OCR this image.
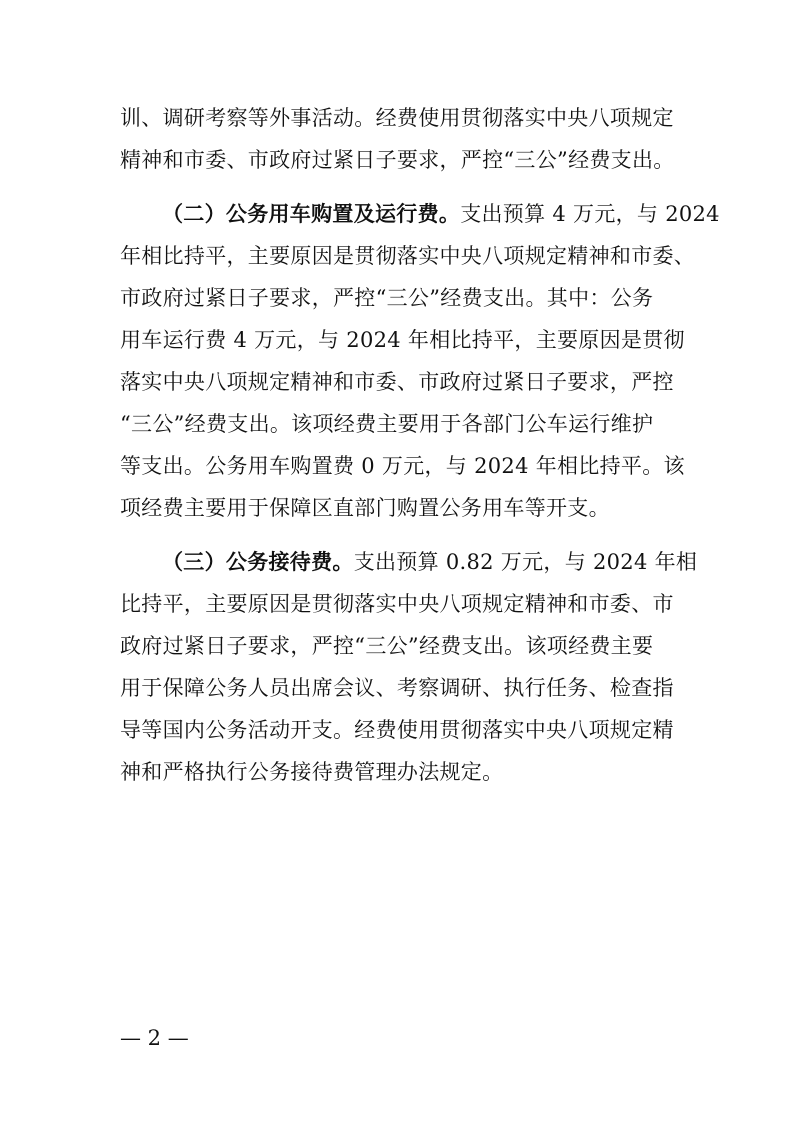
训、调研考察等外事活动。经费使用贯彻落实中央八项规定
精神和市委、市政府过紧日子要求，严控“三公”经费支出。
（二）公务用车购置及运行费。支出预算 4 万元，与 2024
年相比持平，主要原因是贯彻落实中央八项规定精神和市委、
市政府过紧日子要求，严控“三公”经费支出。其中：公务
用车运行费 4 万元，与 2024 年相比持平，主要原因是贯彻
落实中央八项规定精神和市委、市政府过紧日子要求，严控
“三公”经费支出。该项经费主要用于各部门公车运行维护
等支出。公务用车购置费 0 万元，与 2024 年相比持平。该
项经费主要用于保障区直部门购置公务用车等开支。
（三）公务接待费。支出预算 0.82 万元，与 2024 年相
比持平，主要原因是贯彻落实中央八项规定精神和市委、市
政府过紧日子要求，严控“三公”经费支出。该项经费主要
用于保障公务人员出席会议、考察调研、执行任务、检查指
导等国内公务活动开支。经费使用贯彻落实中央八项规定精
神和严格执行公务接待费管理办法规定。
— 2 —
